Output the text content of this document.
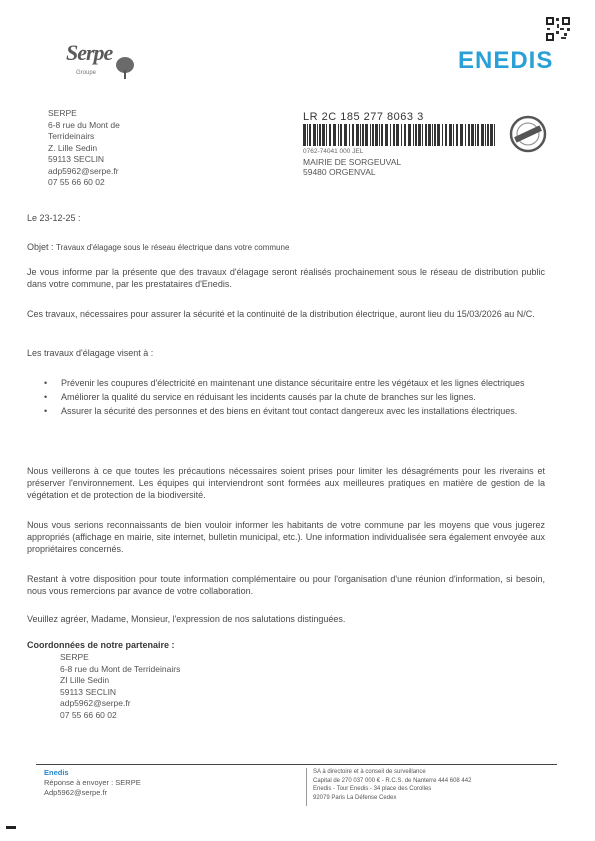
Serpe
Groupe	ENEDIS
SERPE
6-8 rue du Mont de
Terrideinairs
Z. Lille Sedin
59113 SECLIN
adp5962@serpe.fr
07 55 66 60 02
LR 2C 185 277 8063 3
0762-74041 000 JEL
MAIRIE DE SORGEUVAL
59480 ORGENVAL
Le 23-12-25 :
Objet : Travaux d'élagage sous le réseau électrique dans votre commune
Je vous informe par la présente que des travaux d'élagage seront réalisés prochainement sous le réseau de distribution public dans votre commune, par les prestataires d'Enedis.
Ces travaux, nécessaires pour assurer la sécurité et la continuité de la distribution électrique, auront lieu du 15/03/2026 au N/C.
Les travaux d'élagage visent à :
• Prévenir les coupures d'électricité en maintenant une distance sécuritaire entre les végétaux et les lignes électriques
• Améliorer la qualité du service en réduisant les incidents causés par la chute de branches sur les lignes.
• Assurer la sécurité des personnes et des biens en évitant tout contact dangereux avec les installations électriques.
Nous veillerons à ce que toutes les précautions nécessaires soient prises pour limiter les désagréments pour les riverains et préserver l'environnement. Les équipes qui interviendront sont formées aux meilleures pratiques en matière de gestion de la végétation et de protection de la biodiversité.
Nous vous serions reconnaissants de bien vouloir informer les habitants de votre commune par les moyens que vous jugerez appropriés (affichage en mairie, site internet, bulletin municipal, etc.). Une information individualisée sera également envoyée aux propriétaires concernés.
Restant à votre disposition pour toute information complémentaire ou pour l'organisation d'une réunion d'information, si besoin, nous vous remercions par avance de votre collaboration.
Veuillez agréer, Madame, Monsieur, l'expression de nos salutations distinguées.
Coordonnées de notre partenaire :
SERPE
6-8 rue du Mont de Terrideinairs
ZI Lille Sedin
59113 SECLIN
adp5962@serpe.fr
07 55 66 60 02
Enedis
Réponse à envoyer : SERPE
Adp5962@serpe.fr
SA à directoire et à conseil de surveillance
Capital de 270 037 000 € - R.C.S. de Nanterre 444 608 442
Enedis - Tour Enedis - 34 place des Corolles
92079 Paris La Défense Cedex
